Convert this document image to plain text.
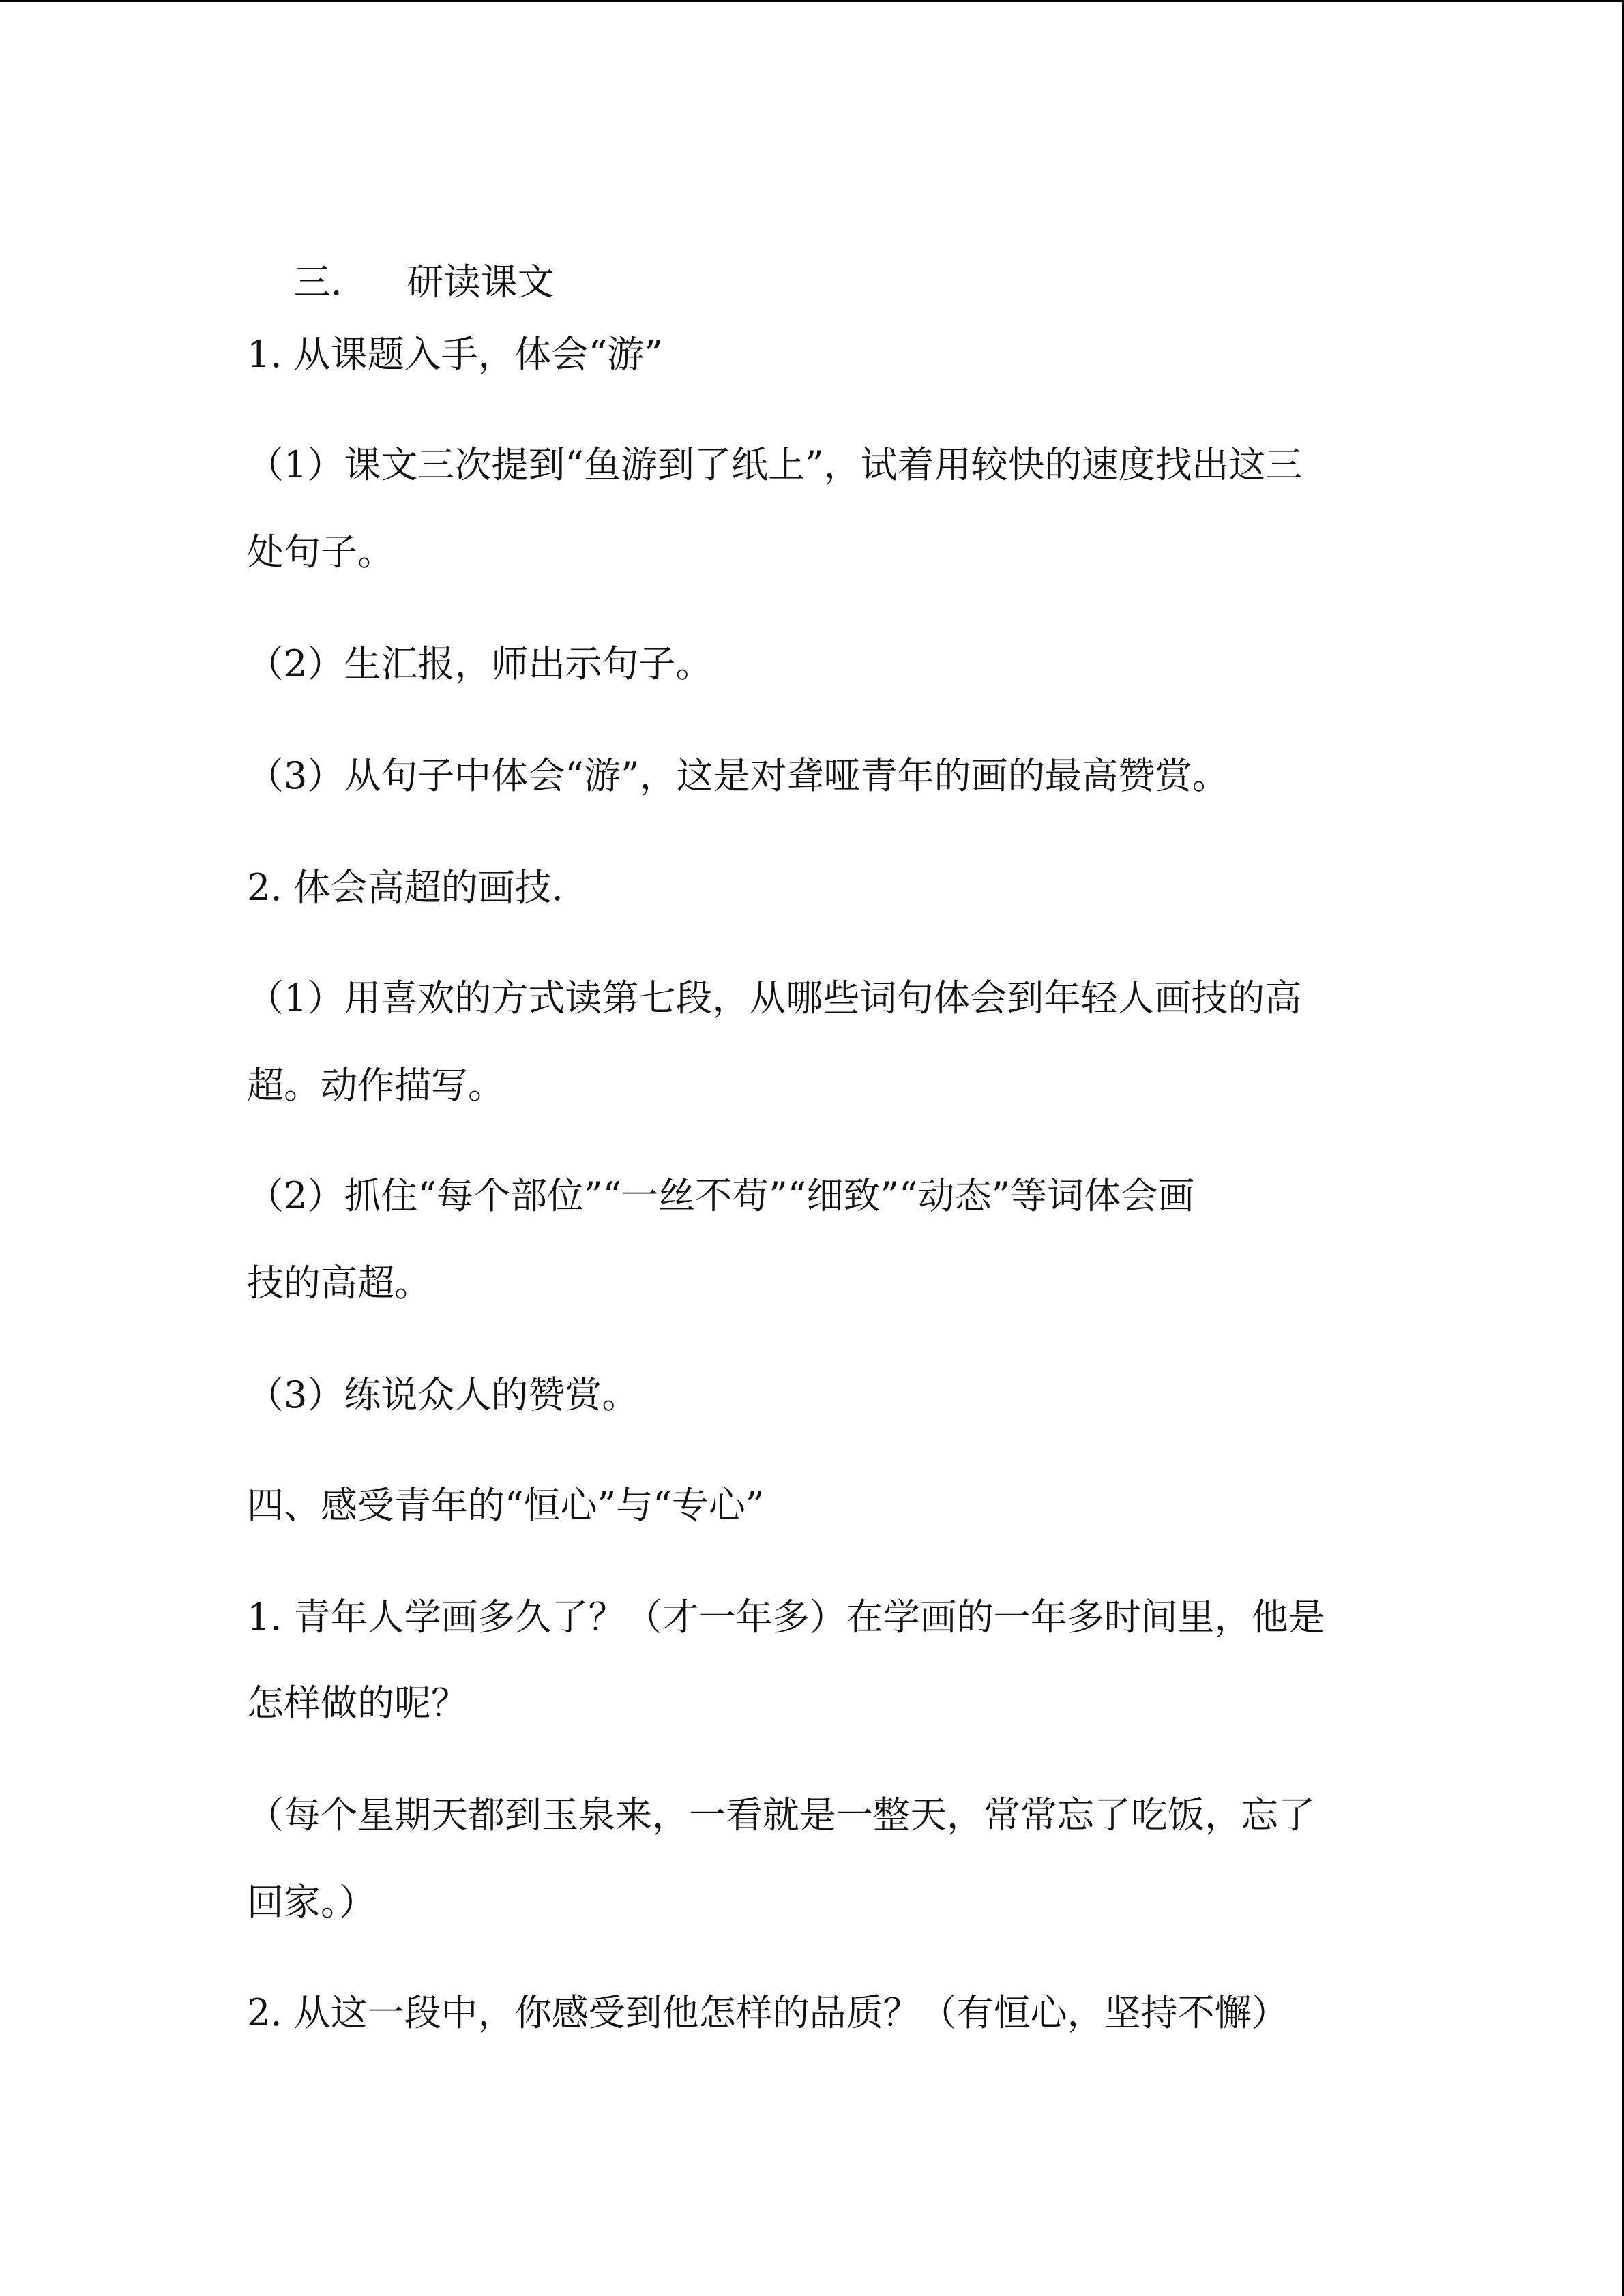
三. 研读课文

1. 从课题入手，体会“游”

（1）课文三次提到“鱼游到了纸上”，试着用较快的速度找出这三

处句子。

（2）生汇报，师出示句子。

（3）从句子中体会“游”，这是对聋哑青年的画的最高赞赏。

2. 体会高超的画技.

（1）用喜欢的方式读第七段，从哪些词句体会到年轻人画技的高

超。动作描写。

（2）抓住“每个部位”“一丝不苟”“细致”“动态”等词体会画

技的高超。

（3）练说众人的赞赏。

四、感受青年的“恒心”与“专心”

1. 青年人学画多久了？（才一年多）在学画的一年多时间里，他是

怎样做的呢？

（每个星期天都到玉泉来，一看就是一整天，常常忘了吃饭，忘了

回家。）

2. 从这一段中，你感受到他怎样的品质？（有恒心，坚持不懈）
